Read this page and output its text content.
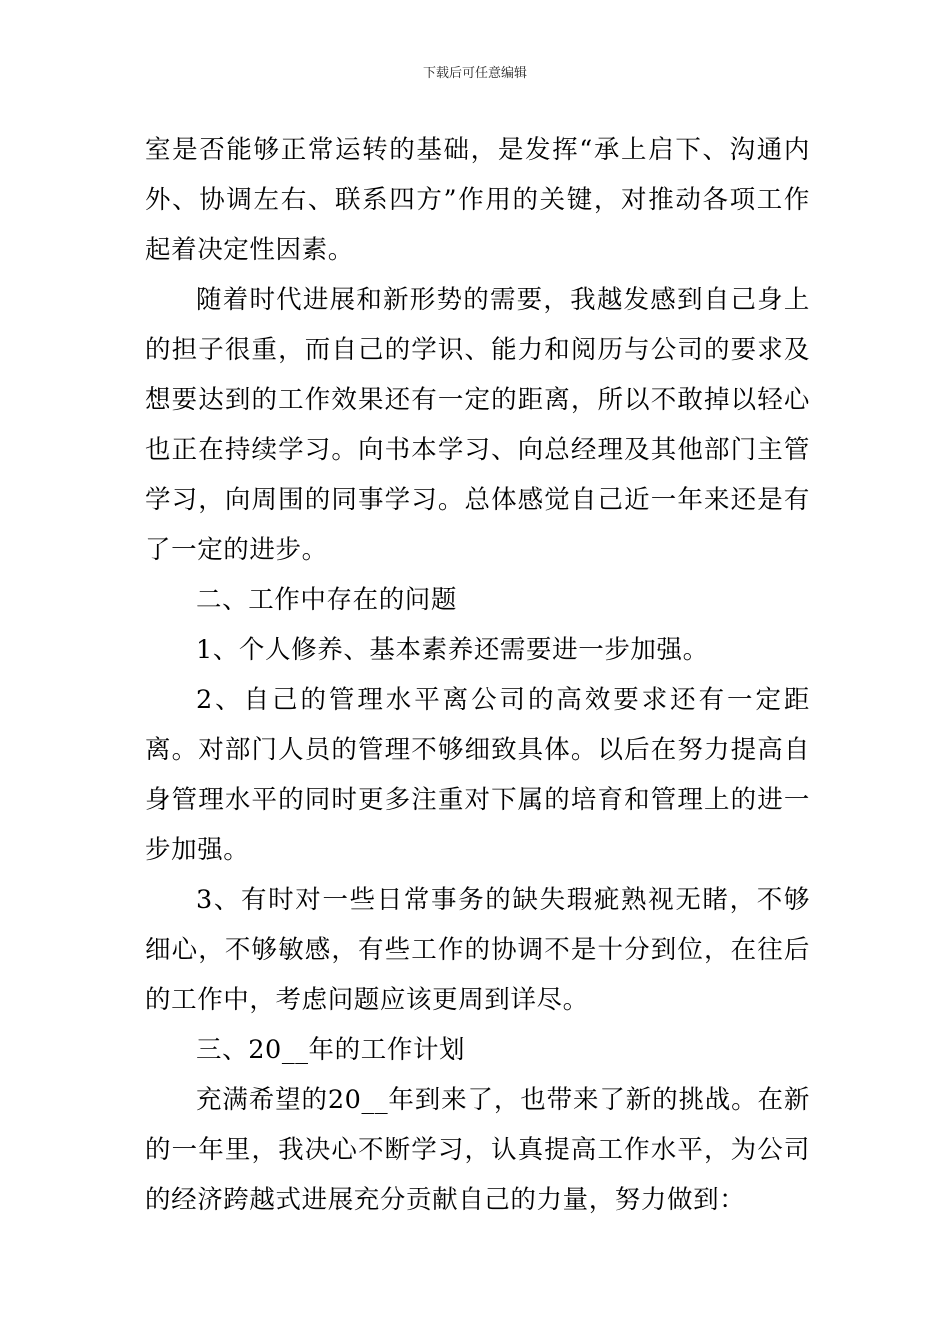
下载后可任意编辑

室是否能够正常运转的基础，是发挥“承上启下、沟通内外、协调左右、联系四方”作用的关键，对推动各项工作起着决定性因素。

随着时代进展和新形势的需要，我越发感到自己身上的担子很重，而自己的学识、能力和阅历与公司的要求及想要达到的工作效果还有一定的距离，所以不敢掉以轻心也正在持续学习。向书本学习、向总经理及其他部门主管学习，向周围的同事学习。总体感觉自己近一年来还是有了一定的进步。

二、工作中存在的问题

1、个人修养、基本素养还需要进一步加强。

2、自己的管理水平离公司的高效要求还有一定距离。对部门人员的管理不够细致具体。以后在努力提高自身管理水平的同时更多注重对下属的培育和管理上的进一步加强。

3、有时对一些日常事务的缺失瑕疵熟视无睹，不够细心，不够敏感，有些工作的协调不是十分到位，在往后的工作中，考虑问题应该更周到详尽。

三、20__年的工作计划

充满希望的20__年到来了，也带来了新的挑战。在新的一年里，我决心不断学习，认真提高工作水平，为公司的经济跨越式进展充分贡献自己的力量，努力做到：
